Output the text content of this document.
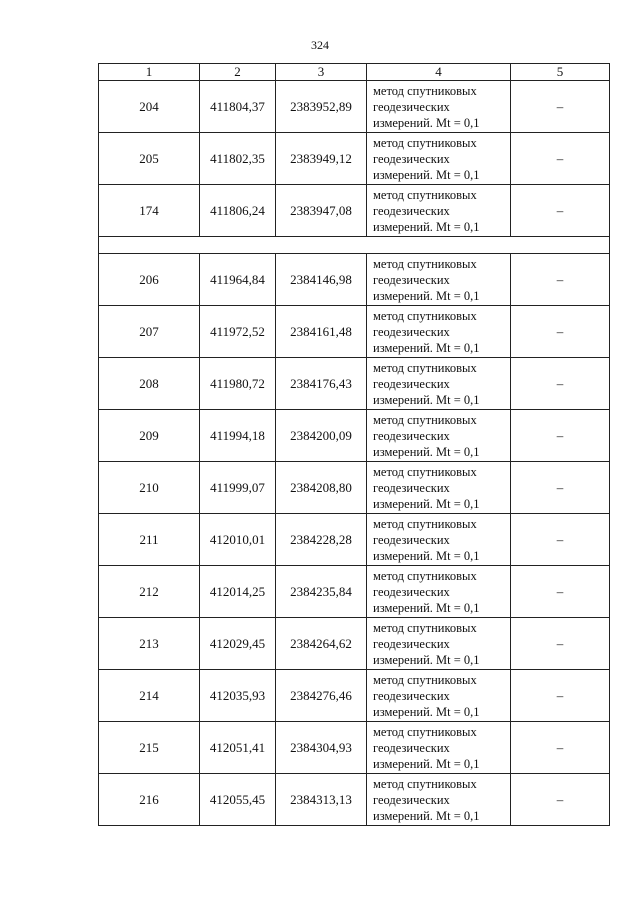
324
1	2	3	4	5
204	411804,37	2383952,89	метод спутниковых
геодезических
измерений. Mt = 0,1	–
205	411802,35	2383949,12	метод спутниковых
геодезических
измерений. Mt = 0,1	–
174	411806,24	2383947,08	метод спутниковых
геодезических
измерений. Mt = 0,1	–

206	411964,84	2384146,98	метод спутниковых
геодезических
измерений. Mt = 0,1	–
207	411972,52	2384161,48	метод спутниковых
геодезических
измерений. Mt = 0,1	–
208	411980,72	2384176,43	метод спутниковых
геодезических
измерений. Mt = 0,1	–
209	411994,18	2384200,09	метод спутниковых
геодезических
измерений. Mt = 0,1	–
210	411999,07	2384208,80	метод спутниковых
геодезических
измерений. Mt = 0,1	–
211	412010,01	2384228,28	метод спутниковых
геодезических
измерений. Mt = 0,1	–
212	412014,25	2384235,84	метод спутниковых
геодезических
измерений. Mt = 0,1	–
213	412029,45	2384264,62	метод спутниковых
геодезических
измерений. Mt = 0,1	–
214	412035,93	2384276,46	метод спутниковых
геодезических
измерений. Mt = 0,1	–
215	412051,41	2384304,93	метод спутниковых
геодезических
измерений. Mt = 0,1	–
216	412055,45	2384313,13	метод спутниковых
геодезических
измерений. Mt = 0,1	–
